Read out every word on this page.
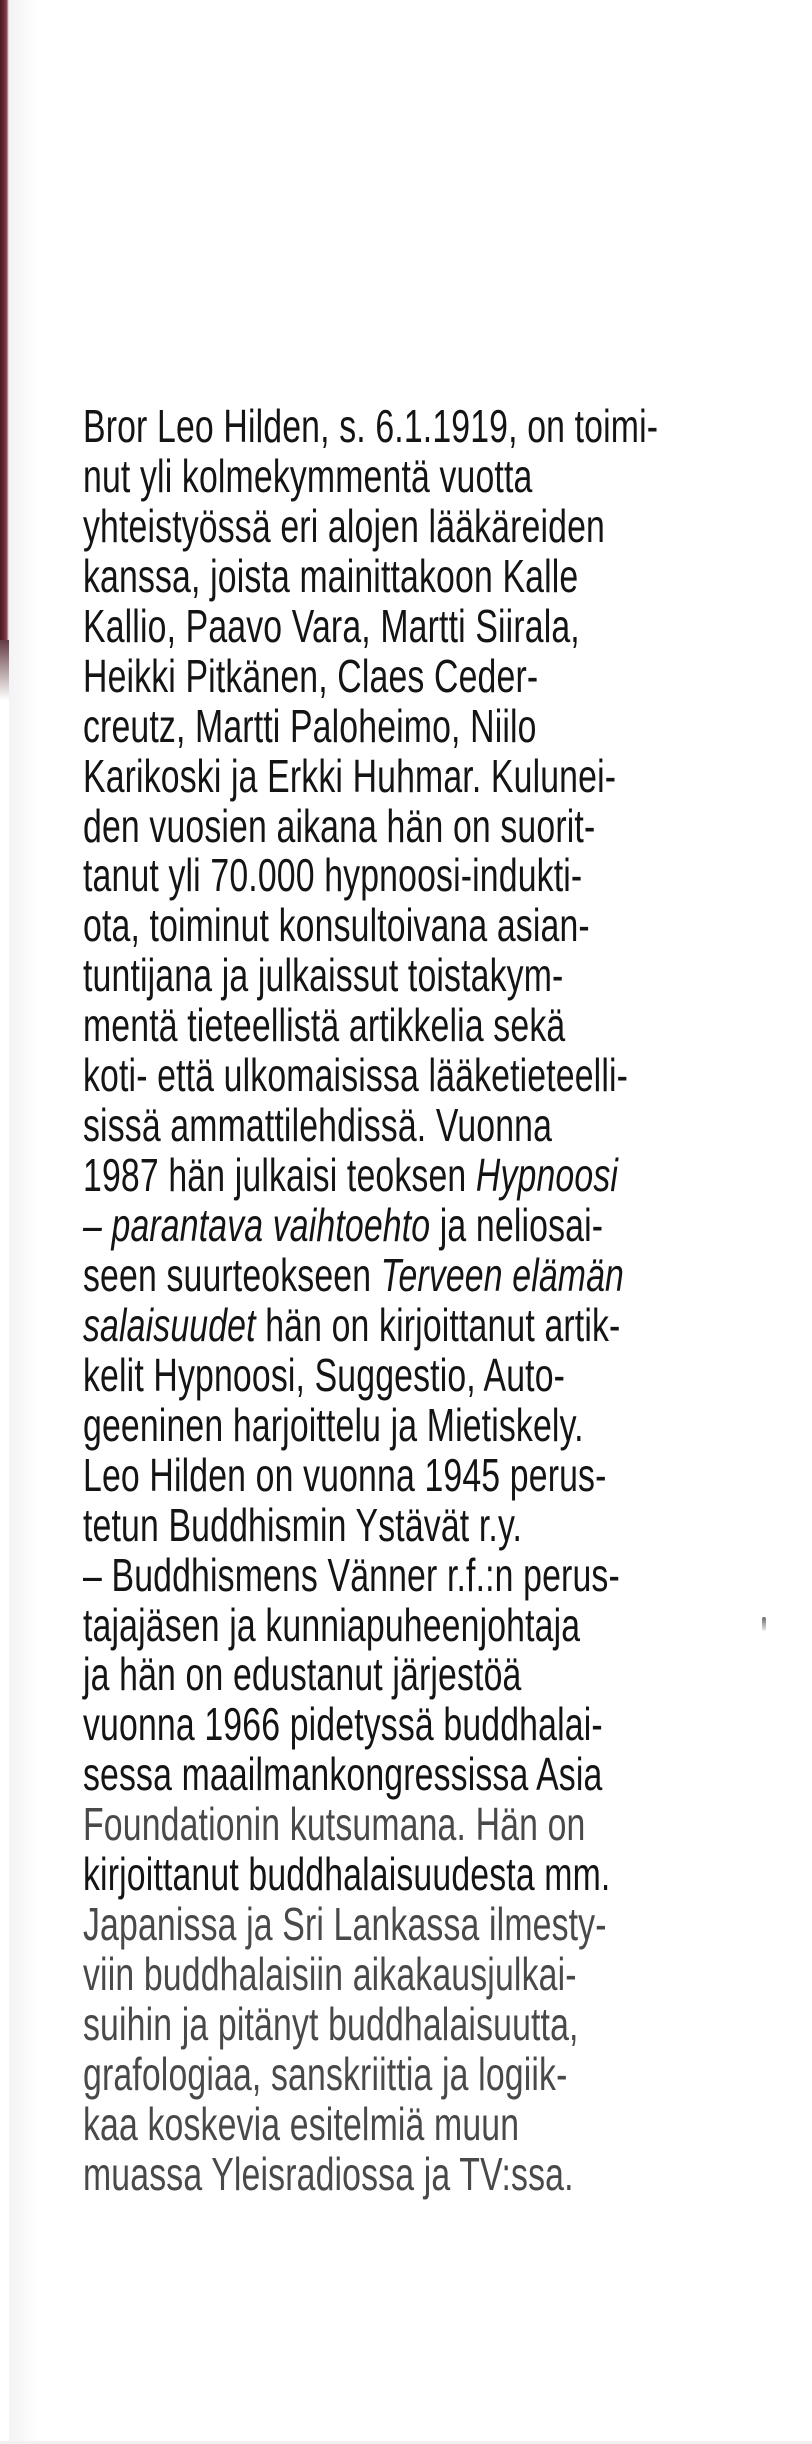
Bror Leo Hilden, s. 6.1.1919, on toimi-
nut yli kolmekymmentä vuotta
yhteistyössä eri alojen lääkäreiden
kanssa, joista mainittakoon Kalle
Kallio, Paavo Vara, Martti Siirala,
Heikki Pitkänen, Claes Ceder-
creutz, Martti Paloheimo, Niilo
Karikoski ja Erkki Huhmar. Kulunei-
den vuosien aikana hän on suorit-
tanut yli 70.000 hypnoosi-indukti-
ota, toiminut konsultoivana asian-
tuntijana ja julkaissut toistakym-
mentä tieteellistä artikkelia sekä
koti- että ulkomaisissa lääketieteelli-
sissä ammattilehdissä. Vuonna
1987 hän julkaisi teoksen Hypnoosi
– parantava vaihtoehto ja neliosai-
seen suurteokseen Terveen elämän
salaisuudet hän on kirjoittanut artik-
kelit Hypnoosi, Suggestio, Auto-
geeninen harjoittelu ja Mietiskely.
Leo Hilden on vuonna 1945 perus-
tetun Buddhismin Ystävät r.y.
– Buddhismens Vänner r.f.:n perus-
tajajäsen ja kunniapuheenjohtaja
ja hän on edustanut järjestöä
vuonna 1966 pidetyssä buddhalai-
sessa maailmankongressissa Asia
Foundationin kutsumana. Hän on
kirjoittanut buddhalaisuudesta mm.
Japanissa ja Sri Lankassa ilmesty-
viin buddhalaisiin aikakausjulkai-
suihin ja pitänyt buddhalaisuutta,
grafologiaa, sanskriittia ja logiik-
kaa koskevia esitelmiä muun
muassa Yleisradiossa ja TV:ssa.
